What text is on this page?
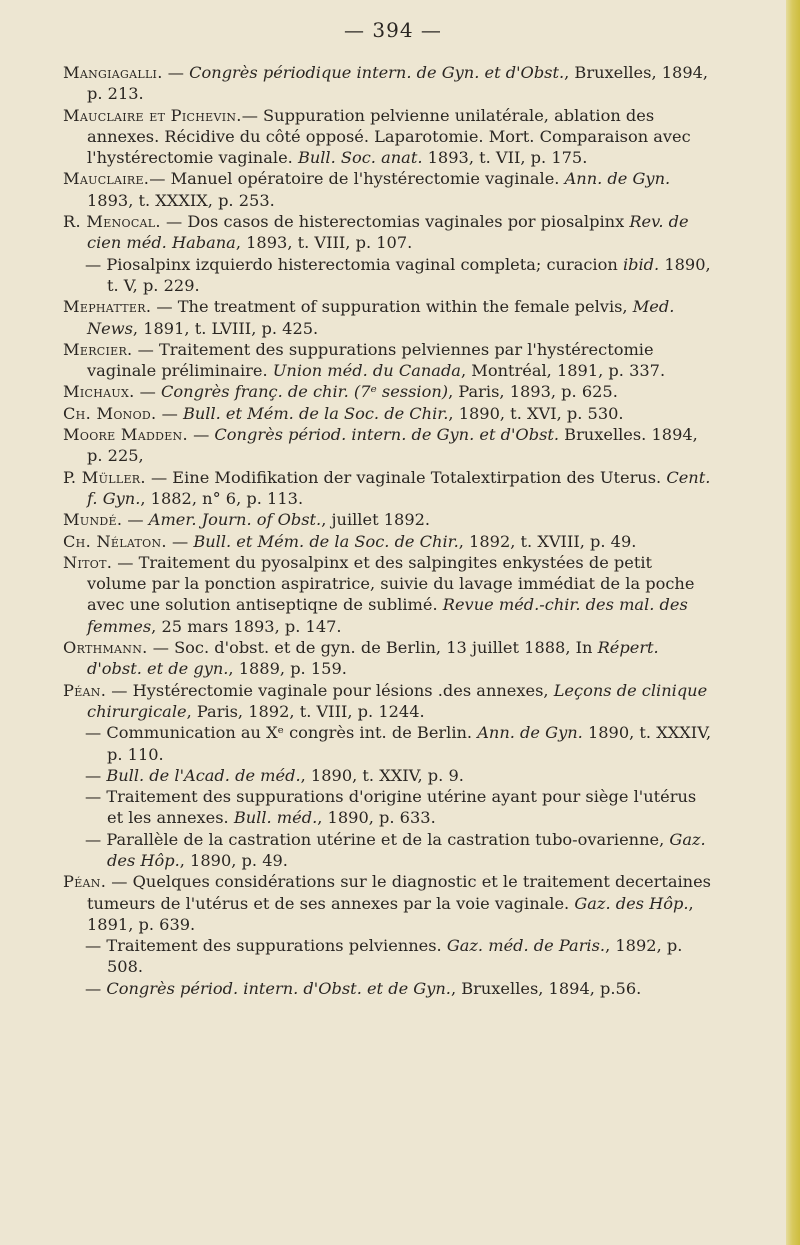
— 394 —
Mangiagalli. — Congrès périodique intern. de Gyn. et d'Obst., Bruxelles, 1894, p. 213.
Mauclaire et Pichevin.— Suppuration pelvienne unilatérale, ablation des annexes. Récidive du côté opposé. Laparotomie. Mort. Comparaison avec l'hystérectomie vaginale. Bull. Soc. anat. 1893, t. VII, p. 175.
Mauclaire.— Manuel opératoire de l'hystérectomie vaginale. Ann. de Gyn. 1893, t. XXXIX, p. 253.
R. Menocal. — Dos casos de histerectomias vaginales por piosalpinx Rev. de cien méd. Habana, 1893, t. VIII, p. 107.
— Piosalpinx izquierdo histerectomia vaginal completa; curacion ibid. 1890, t. V, p. 229.
Mephatter. — The treatment of suppuration within the female pelvis, Med. News, 1891, t. LVIII, p. 425.
Mercier. — Traitement des suppurations pelviennes par l'hystérectomie vaginale préliminaire. Union méd. du Canada, Montréal, 1891, p. 337.
Michaux. — Congrès franç. de chir. (7ᵉ session), Paris, 1893, p. 625.
Ch. Monod. — Bull. et Mém. de la Soc. de Chir., 1890, t. XVI, p. 530.
Moore Madden. — Congrès périod. intern. de Gyn. et d'Obst. Bruxelles. 1894, p. 225,
P. Müller. — Eine Modifikation der vaginale Totalextirpation des Uterus. Cent. f. Gyn., 1882, n° 6, p. 113.
Mundé. — Amer. Journ. of Obst., juillet 1892.
Ch. Nélaton. — Bull. et Mém. de la Soc. de Chir., 1892, t. XVIII, p. 49.
Nitot. — Traitement du pyosalpinx et des salpingites enkystées de petit volume par la ponction aspiratrice, suivie du lavage immédiat de la poche avec une solution antiseptiqne de sublimé. Revue méd.-chir. des mal. des femmes, 25 mars 1893, p. 147.
Orthmann. — Soc. d'obst. et de gyn. de Berlin, 13 juillet 1888, In Répert. d'obst. et de gyn., 1889, p. 159.
Péan. — Hystérectomie vaginale pour lésions .des annexes, Leçons de clinique chirurgicale, Paris, 1892, t. VIII, p. 1244.
— Communication au Xᵉ congrès int. de Berlin. Ann. de Gyn. 1890, t. XXXIV, p. 110.
— Bull. de l'Acad. de méd., 1890, t. XXIV, p. 9.
— Traitement des suppurations d'origine utérine ayant pour siège l'utérus et les annexes. Bull. méd., 1890, p. 633.
— Parallèle de la castration utérine et de la castration tubo-ovarienne, Gaz. des Hôp., 1890, p. 49.
Péan. — Quelques considérations sur le diagnostic et le traitement decertaines tumeurs de l'utérus et de ses annexes par la voie vaginale. Gaz. des Hôp., 1891, p. 639.
— Traitement des suppurations pelviennes. Gaz. méd. de Paris., 1892, p. 508.
— Congrès périod. intern. d'Obst. et de Gyn., Bruxelles, 1894, p.56.
